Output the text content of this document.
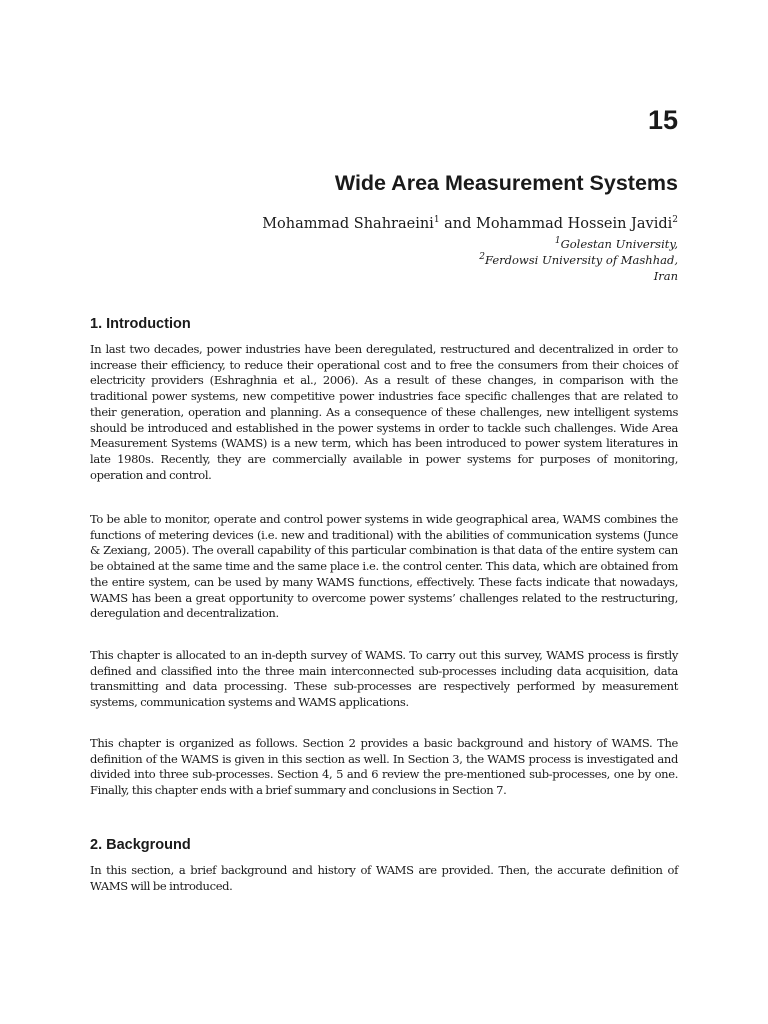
15
Wide Area Measurement Systems

Mohammad Shahraeini$^1$ and Mohammad Hossein Javidi$^2$

$^1$Golestan University,
$^2$Ferdowsi University of Mashhad,
Iran
1. Introduction

In last two decades, power industries have been deregulated, restructured and decentralized in order to increase their efficiency, to reduce their operational cost and to free the consumers from their choices of electricity providers (Eshraghnia et al., 2006). As a result of these changes, in comparison with the traditional power systems, new competitive power industries face specific challenges that are related to their generation, operation and planning. As a consequence of these challenges, new intelligent systems should be introduced and established in the power systems in order to tackle such challenges. Wide Area Measurement Systems (WAMS) is a new term, which has been introduced to power system literatures in late 1980s. Recently, they are commercially available in power systems for purposes of monitoring, operation and control.

To be able to monitor, operate and control power systems in wide geographical area, WAMS combines the functions of metering devices (i.e. new and traditional) with the abilities of communication systems (Junce & Zexiang, 2005). The overall capability of this particular combination is that data of the entire system can be obtained at the same time and the same place i.e. the control center. This data, which are obtained from the entire system, can be used by many WAMS functions, effectively. These facts indicate that nowadays, WAMS has been a great opportunity to overcome power systems’ challenges related to the restructuring, deregulation and decentralization.

This chapter is allocated to an in-depth survey of WAMS. To carry out this survey, WAMS process is firstly defined and classified into the three main interconnected sub-processes including data acquisition, data transmitting and data processing. These sub-processes are respectively performed by measurement systems, communication systems and WAMS applications.

This chapter is organized as follows. Section 2 provides a basic background and history of WAMS. The definition of the WAMS is given in this section as well. In Section 3, the WAMS process is investigated and divided into three sub-processes. Section 4, 5 and 6 review the pre-mentioned sub-processes, one by one. Finally, this chapter ends with a brief summary and conclusions in Section 7.

2. Background

In this section, a brief background and history of WAMS are provided. Then, the accurate definition of WAMS will be introduced.
